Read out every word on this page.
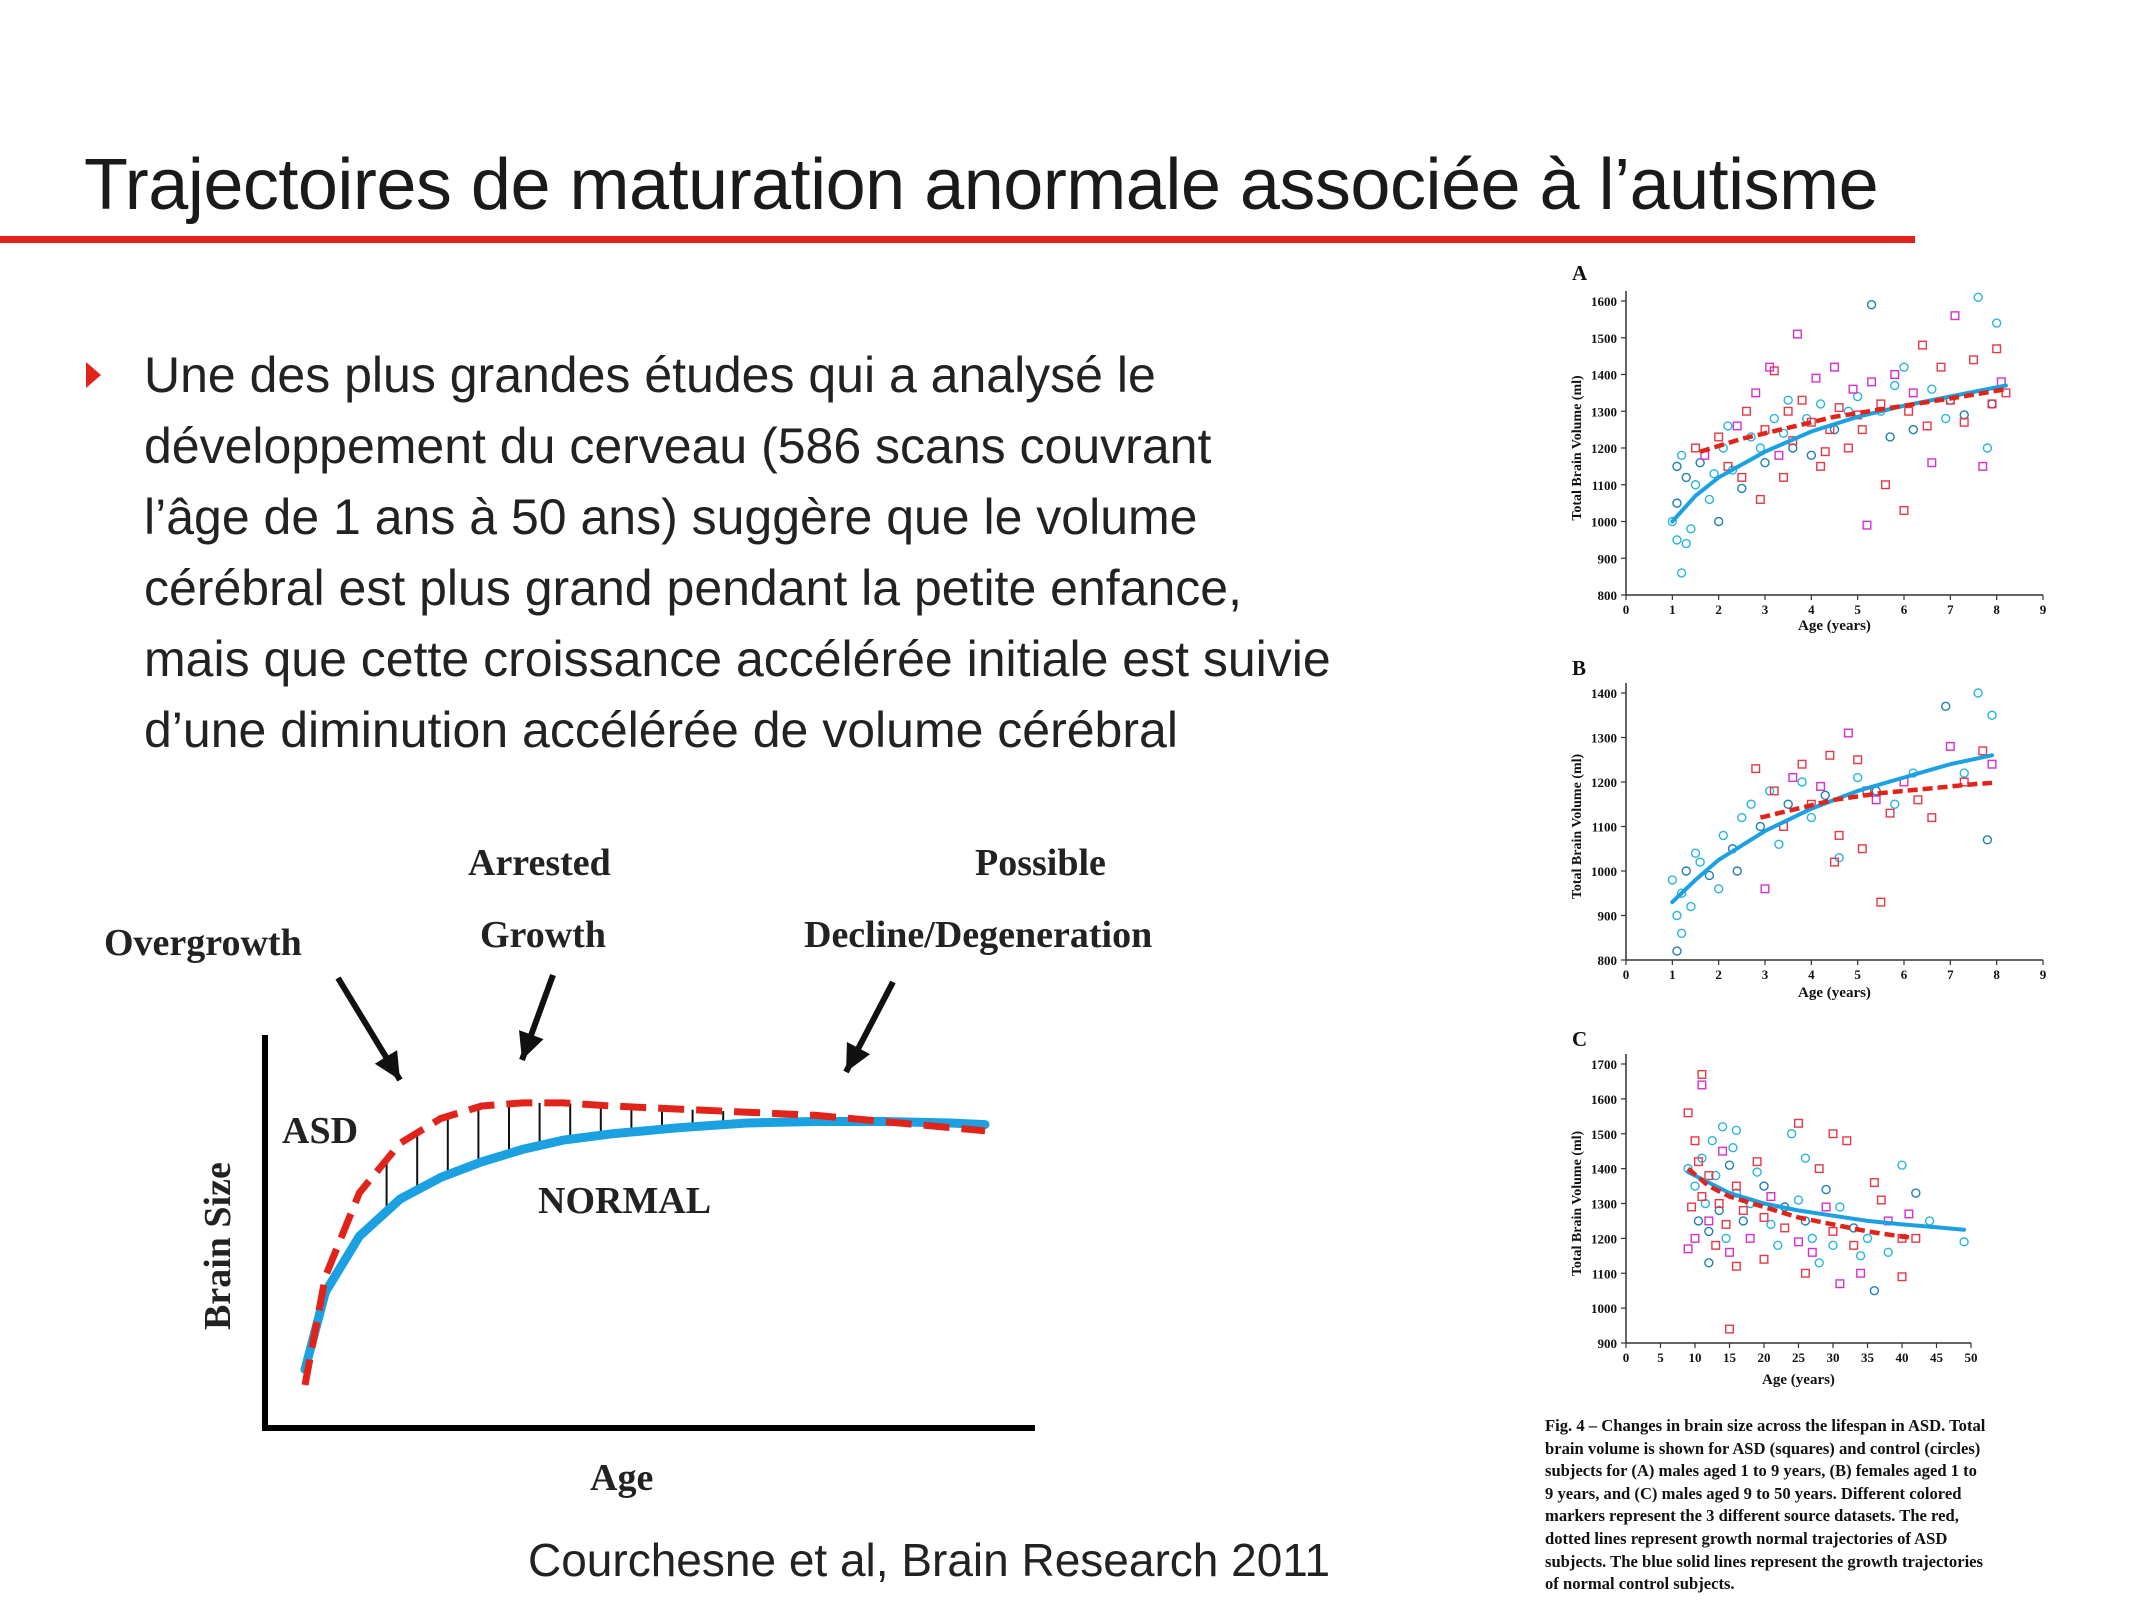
Trajectoires de maturation anormale associée à l’autisme
Une des plus grandes études qui a analysé le
développement du cerveau (586 scans couvrant
l’âge de 1 ans à 50 ans) suggère que le volume
cérébral est plus grand pendant la petite enfance,
mais que cette croissance accélérée initiale est suivie
d’une diminution accélérée de volume cérébral
Overgrowth
Arrested
Growth
Possible
Decline/Degeneration
ASD
NORMAL
Brain Size
Age
A
800
900
1000
1100
1200
1300
1400
1500
1600
0	1	2	3	4	5	6	7	8	9
Age (years)
Total Brain Volume (ml)
B
800
900
1000
1100
1200
1300
1400
0	1	2	3	4	5	6	7	8	9
Age (years)
Total Brain Volume (ml)
C
900
1000
1100
1200
1300
1400
1500
1600
1700
0 5 10 15 20 25 30 35 40 45 50
Age (years)
Total Brain Volume (ml)
Fig. 4 – Changes in brain size across the lifespan in ASD. Total
brain volume is shown for ASD (squares) and control (circles)
subjects for (A) males aged 1 to 9 years, (B) females aged 1 to
9 years, and (C) males aged 9 to 50 years. Different colored
markers represent the 3 different source datasets. The red,
dotted lines represent growth normal trajectories of ASD
subjects. The blue solid lines represent the growth trajectories
of normal control subjects.
Courchesne et al, Brain Research 2011
